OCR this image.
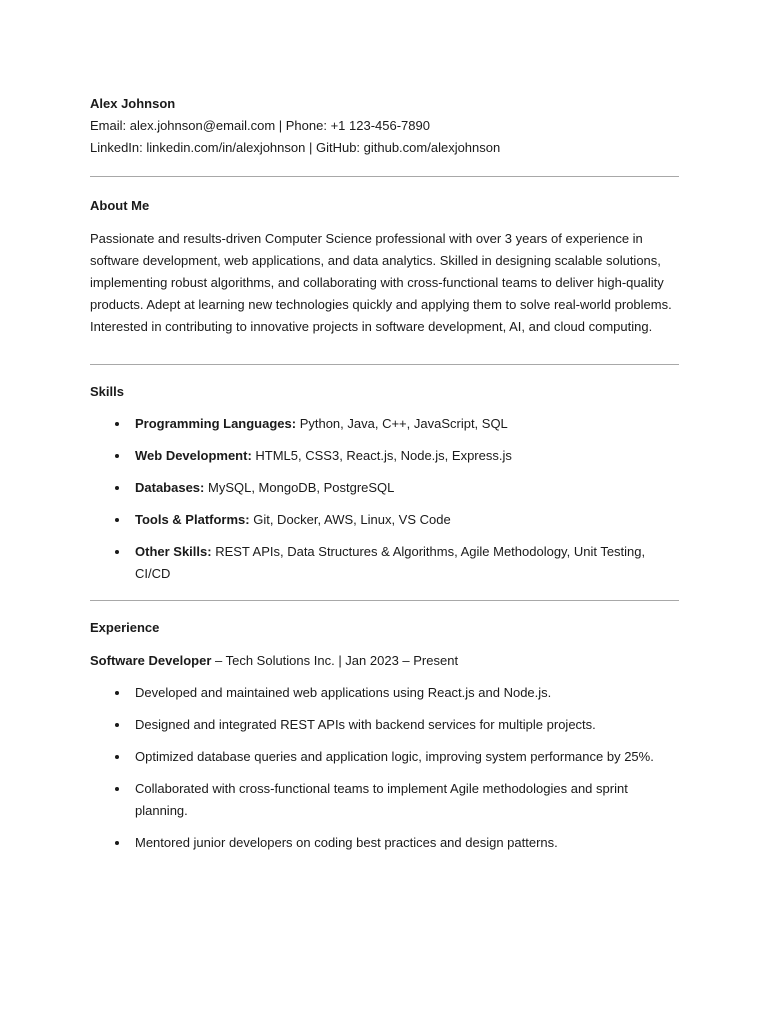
Alex Johnson

Email: alex.johnson@email.com | Phone: +1 123-456-7890

LinkedIn: linkedin.com/in/alexjohnson | GitHub: github.com/alexjohnson

About Me

Passionate and results-driven Computer Science professional with over 3 years of experience in software development, web applications, and data analytics. Skilled in designing scalable solutions, implementing robust algorithms, and collaborating with cross-functional teams to deliver high-quality products. Adept at learning new technologies quickly and applying them to solve real-world problems. Interested in contributing to innovative projects in software development, AI, and cloud computing.

Skills

Programming Languages: Python, Java, C++, JavaScript, SQL
Web Development: HTML5, CSS3, React.js, Node.js, Express.js
Databases: MySQL, MongoDB, PostgreSQL
Tools & Platforms: Git, Docker, AWS, Linux, VS Code
Other Skills: REST APIs, Data Structures & Algorithms, Agile Methodology, Unit Testing, CI/CD

Experience

Software Developer – Tech Solutions Inc. | Jan 2023 – Present

Developed and maintained web applications using React.js and Node.js.
Designed and integrated REST APIs with backend services for multiple projects.
Optimized database queries and application logic, improving system performance by 25%.
Collaborated with cross-functional teams to implement Agile methodologies and sprint planning.
Mentored junior developers on coding best practices and design patterns.
